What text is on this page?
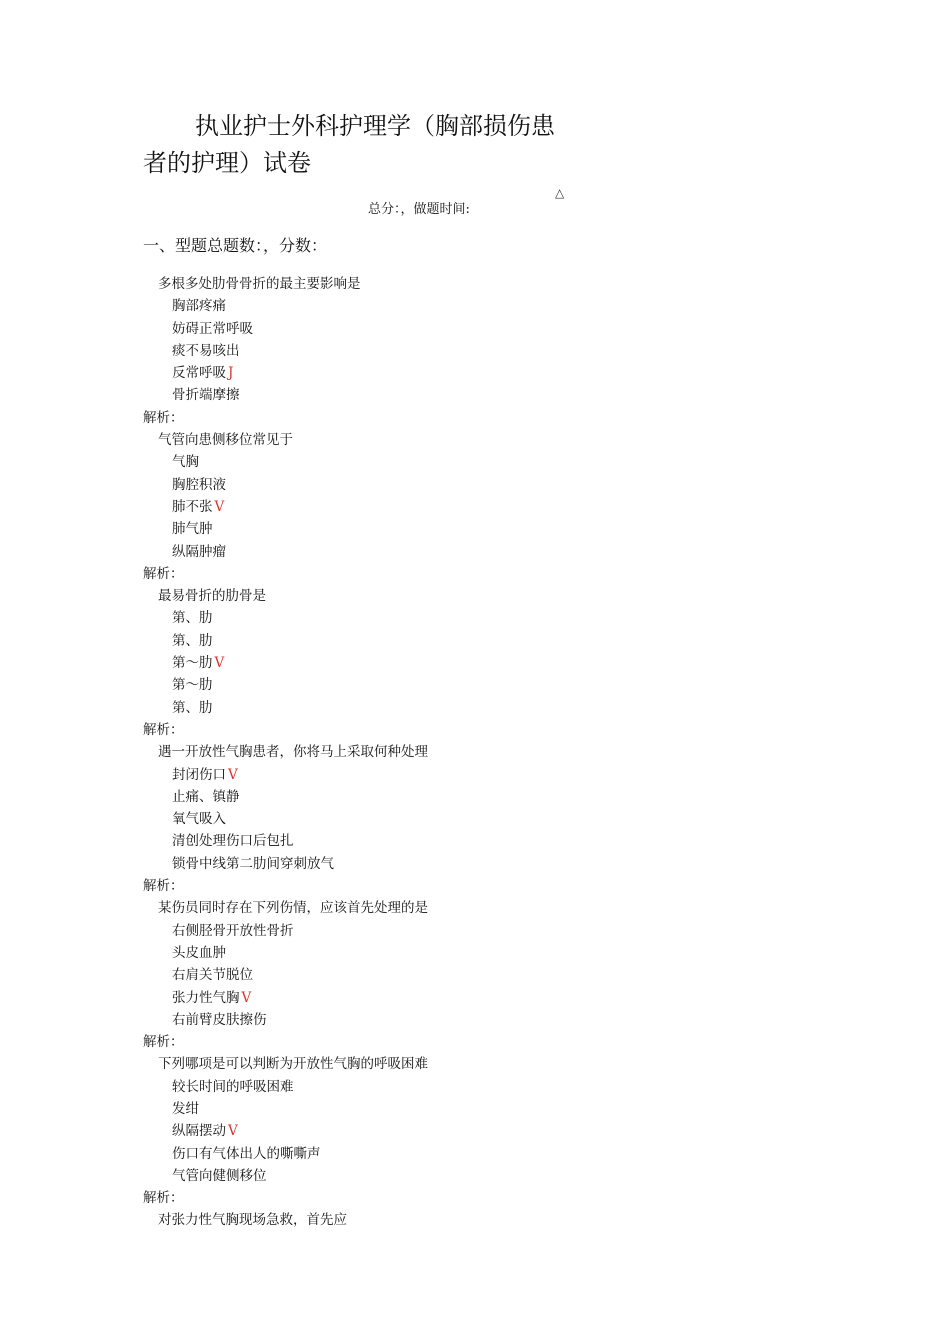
执业护士外科护理学（胸部损伤患
者的护理）试卷
△
总分：，做题时间:
一、型题总题数：，分数：
多根多处肋骨骨折的最主要影响是
胸部疼痛
妨碍正常呼吸
痰不易咳出
反常呼吸 J
骨折端摩擦
解析：
气管向患侧移位常见于
气胸
胸腔积液
肺不张 V
肺气肿
纵隔肿瘤
解析：
最易骨折的肋骨是
第、肋
第、肋
第〜肋 V
第〜肋
第、肋
解析：
遇一开放性气胸患者，你将马上采取何种处理
封闭伤口 V
止痛、镇静
氧气吸入
清创处理伤口后包扎
锁骨中线第二肋间穿刺放气
解析：
某伤员同时存在下列伤情，应该首先处理的是
右侧胫骨开放性骨折
头皮血肿
右肩关节脱位
张力性气胸 V
右前臂皮肤擦伤
解析：
下列哪项是可以判断为开放性气胸的呼吸困难
较长时间的呼吸困难
发绀
纵隔摆动 V
伤口有气体出人的嘶嘶声
气管向健侧移位
解析：
对张力性气胸现场急救，首先应
